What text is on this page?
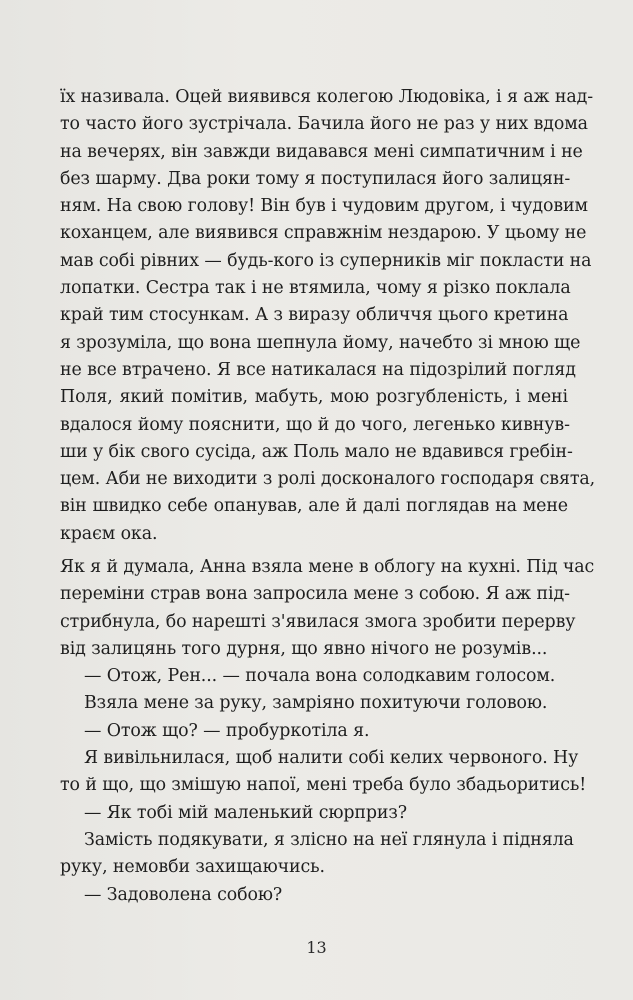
їх називала. Оцей виявився колегою Людовіка, і я аж над-
то часто його зустрічала. Бачила його не раз у них вдома
на вечерях, він завжди видавався мені симпатичним і не
без шарму. Два роки тому я поступилася його залицян-
ням. На свою голову! Він був і чудовим другом, і чудовим
коханцем, але виявився справжнім нездарою. У цьому не
мав собі рівних — будь-кого із суперників міг покласти на
лопатки. Сестра так і не втямила, чому я різко поклала
край тим стосункам. А з виразу обличчя цього кретина
я зрозуміла, що вона шепнула йому, начебто зі мною ще
не все втрачено. Я все натикалася на підозрілий погляд
Поля, який помітив, мабуть, мою розгубленість, і мені
вдалося йому пояснити, що й до чого, легенько кивнув-
ши у бік свого сусіда, аж Поль мало не вдавився гребін-
цем. Аби не виходити з ролі досконалого господаря свята,
він швидко себе опанував, але й далі поглядав на мене
краєм ока.
Як я й думала, Анна взяла мене в облогу на кухні. Під час
переміни страв вона запросила мене з собою. Я аж під-
стрибнула, бо нарешті з'явилася змога зробити перерву
від залицянь того дурня, що явно нічого не розумів...
— Отож, Рен... — почала вона солодкавим голосом.
Взяла мене за руку, замріяно похитуючи головою.
— Отож що? — пробуркотіла я.
Я вивільнилася, щоб налити собі келих червоного. Ну
то й що, що змішую напої, мені треба було збадьоритись!
— Як тобі мій маленький сюрприз?
Замість подякувати, я злісно на неї глянула і підняла
руку, немовби захищаючись.
— Задоволена собою?
13
